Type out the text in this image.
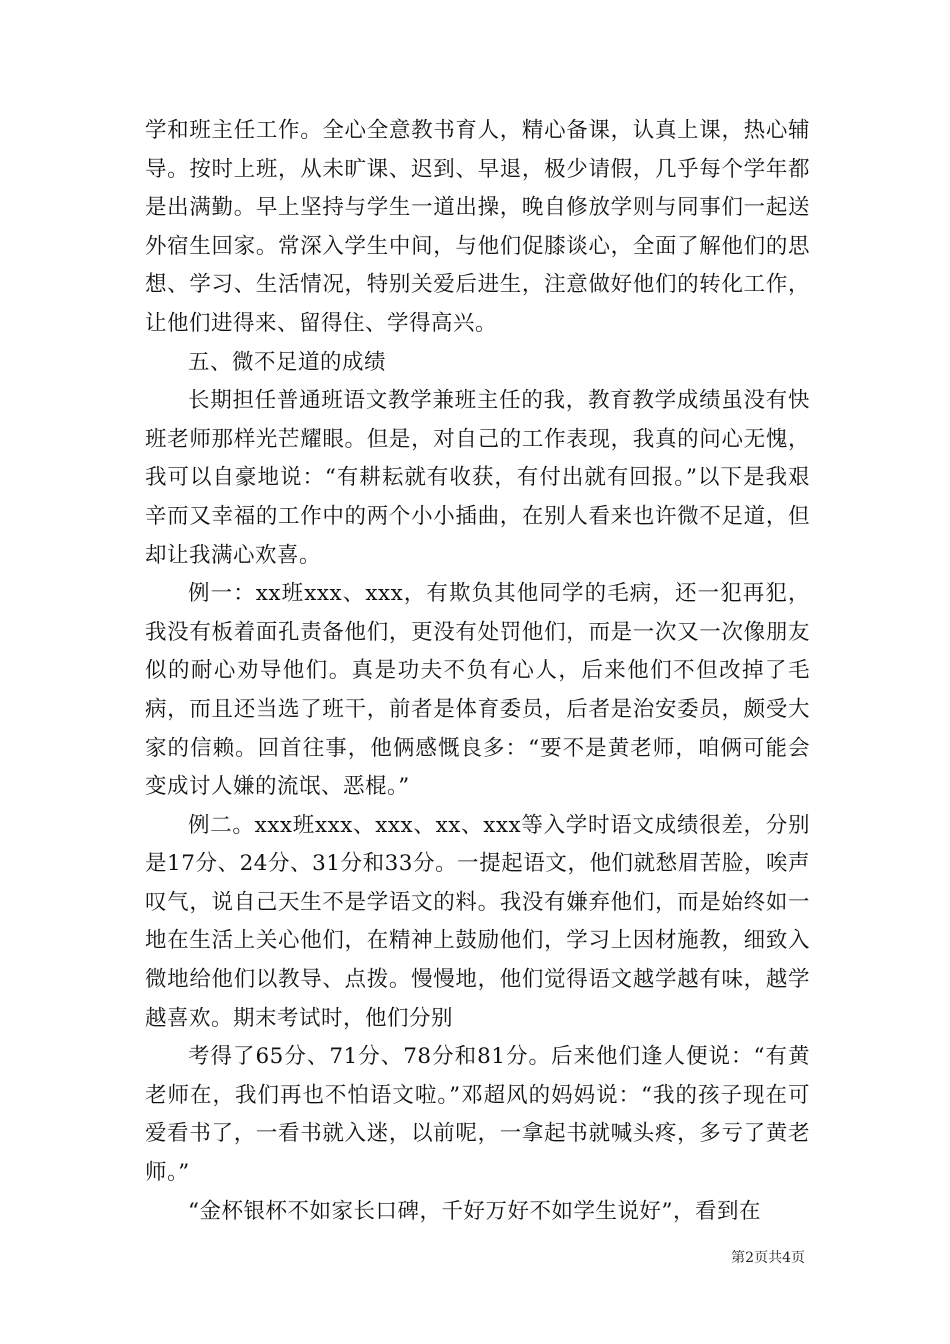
学和班主任工作。全心全意教书育人，精心备课，认真上课，热心辅导。按时上班，从未旷课、迟到、早退，极少请假，几乎每个学年都是出满勤。早上坚持与学生一道出操，晚自修放学则与同事们一起送外宿生回家。常深入学生中间，与他们促膝谈心，全面了解他们的思想、学习、生活情况，特别关爱后进生，注意做好他们的转化工作，让他们进得来、留得住、学得高兴。

五、微不足道的成绩

长期担任普通班语文教学兼班主任的我，教育教学成绩虽没有快班老师那样光芒耀眼。但是，对自己的工作表现，我真的问心无愧，我可以自豪地说：“有耕耘就有收获，有付出就有回报。”以下是我艰辛而又幸福的工作中的两个小小插曲，在别人看来也许微不足道，但却让我满心欢喜。

例一：xx班xxx、xxx，有欺负其他同学的毛病，还一犯再犯，我没有板着面孔责备他们，更没有处罚他们，而是一次又一次像朋友似的耐心劝导他们。真是功夫不负有心人，后来他们不但改掉了毛病，而且还当选了班干，前者是体育委员，后者是治安委员，颇受大家的信赖。回首往事，他俩感慨良多：“要不是黄老师，咱俩可能会变成讨人嫌的流氓、恶棍。”

例二。xxx班xxx、xxx、xx、xxx等入学时语文成绩很差，分别是17分、24分、31分和33分。一提起语文，他们就愁眉苦脸，唉声叹气，说自己天生不是学语文的料。我没有嫌弃他们，而是始终如一地在生活上关心他们，在精神上鼓励他们，学习上因材施教，细致入微地给他们以教导、点拨。慢慢地，他们觉得语文越学越有味，越学越喜欢。期末考试时，他们分别

考得了65分、71分、78分和81分。后来他们逢人便说：“有黄老师在，我们再也不怕语文啦。”邓超风的妈妈说：“我的孩子现在可爱看书了，一看书就入迷，以前呢，一拿起书就喊头疼，多亏了黄老师。”

“金杯银杯不如家长口碑，千好万好不如学生说好”，看到在

第2页共4页
